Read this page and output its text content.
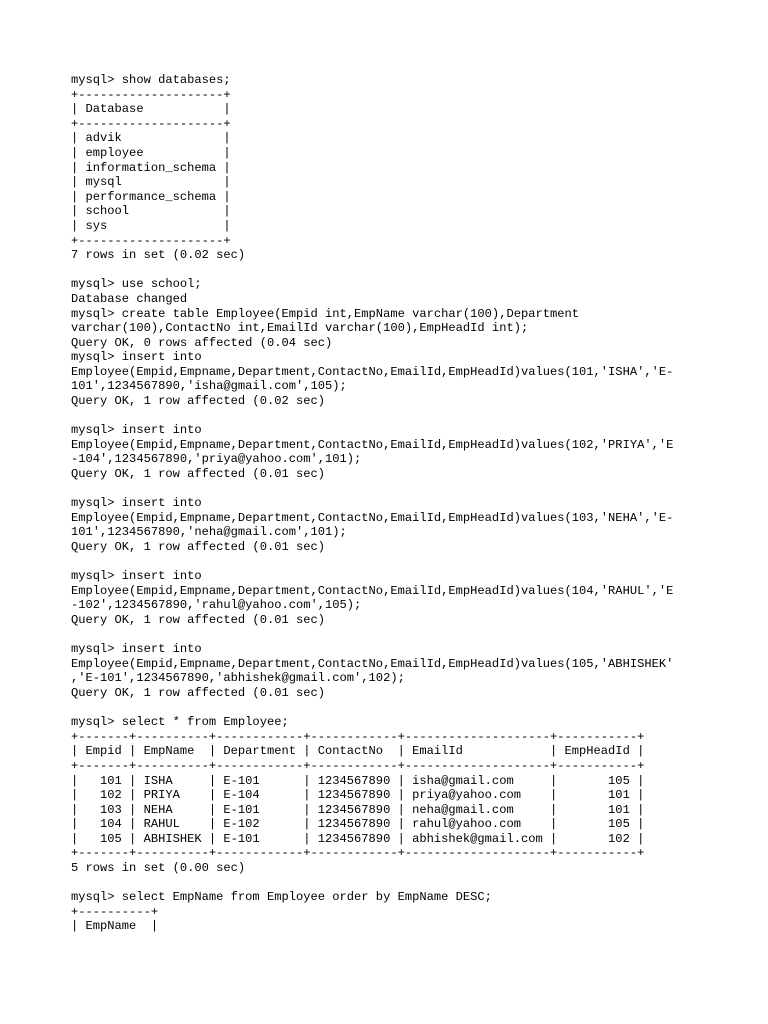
mysql> show databases;
+--------------------+
| Database           |
+--------------------+
| advik              |
| employee           |
| information_schema |
| mysql              |
| performance_schema |
| school             |
| sys                |
+--------------------+
7 rows in set (0.02 sec)
mysql> use school;
Database changed
mysql> create table Employee(Empid int,EmpName varchar(100),Department
varchar(100),ContactNo int,EmailId varchar(100),EmpHeadId int);
Query OK, 0 rows affected (0.04 sec)
mysql> insert into
Employee(Empid,Empname,Department,ContactNo,EmailId,EmpHeadId)values(101,'ISHA','E-
101',1234567890,'isha@gmail.com',105);
Query OK, 1 row affected (0.02 sec)
mysql> insert into
Employee(Empid,Empname,Department,ContactNo,EmailId,EmpHeadId)values(102,'PRIYA','E
-104',1234567890,'priya@yahoo.com',101);
Query OK, 1 row affected (0.01 sec)
mysql> insert into
Employee(Empid,Empname,Department,ContactNo,EmailId,EmpHeadId)values(103,'NEHA','E-
101',1234567890,'neha@gmail.com',101);
Query OK, 1 row affected (0.01 sec)
mysql> insert into
Employee(Empid,Empname,Department,ContactNo,EmailId,EmpHeadId)values(104,'RAHUL','E
-102',1234567890,'rahul@yahoo.com',105);
Query OK, 1 row affected (0.01 sec)
mysql> insert into
Employee(Empid,Empname,Department,ContactNo,EmailId,EmpHeadId)values(105,'ABHISHEK'
,'E-101',1234567890,'abhishek@gmail.com',102);
Query OK, 1 row affected (0.01 sec)
mysql> select * from Employee;
+-------+----------+------------+------------+--------------------+-----------+
| Empid | EmpName  | Department | ContactNo  | EmailId            | EmpHeadId |
+-------+----------+------------+------------+--------------------+-----------+
|   101 | ISHA     | E-101      | 1234567890 | isha@gmail.com     |       105 |
|   102 | PRIYA    | E-104      | 1234567890 | priya@yahoo.com    |       101 |
|   103 | NEHA     | E-101      | 1234567890 | neha@gmail.com     |       101 |
|   104 | RAHUL    | E-102      | 1234567890 | rahul@yahoo.com    |       105 |
|   105 | ABHISHEK | E-101      | 1234567890 | abhishek@gmail.com |       102 |
+-------+----------+------------+------------+--------------------+-----------+
5 rows in set (0.00 sec)
mysql> select EmpName from Employee order by EmpName DESC;
+----------+
| EmpName  |
